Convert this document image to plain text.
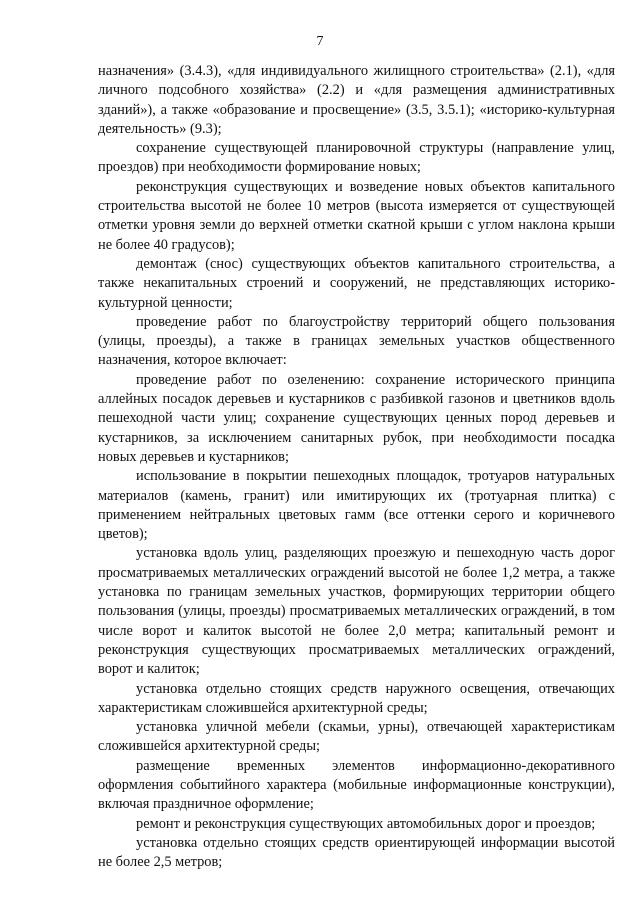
7

назначения» (3.4.3), «для индивидуального жилищного строительства» (2.1), «для личного подсобного хозяйства» (2.2) и «для размещения административных зданий»), а также «образование и просвещение» (3.5, 3.5.1); «историко-культурная деятельность» (9.3);

сохранение существующей планировочной структуры (направление улиц, проездов) при необходимости формирование новых;

реконструкция существующих и возведение новых объектов капитального строительства высотой не более 10 метров (высота измеряется от существующей отметки уровня земли до верхней отметки скатной крыши с углом наклона крыши не более 40 градусов);

демонтаж (снос) существующих объектов капитального строительства, а также некапитальных строений и сооружений, не представляющих историко-культурной ценности;

проведение работ по благоустройству территорий общего пользования (улицы, проезды), а также в границах земельных участков общественного назначения, которое включает:

проведение работ по озеленению: сохранение исторического принципа аллейных посадок деревьев и кустарников с разбивкой газонов и цветников вдоль пешеходной части улиц; сохранение существующих ценных пород деревьев и кустарников, за исключением санитарных рубок, при необходимости посадка новых деревьев и кустарников;

использование в покрытии пешеходных площадок, тротуаров натуральных материалов (камень, гранит) или имитирующих их (тротуарная плитка) с применением нейтральных цветовых гамм (все оттенки серого и коричневого цветов);

установка вдоль улиц, разделяющих проезжую и пешеходную часть дорог просматриваемых металлических ограждений высотой не более 1,2 метра, а также установка по границам земельных участков, формирующих территории общего пользования (улицы, проезды) просматриваемых металлических ограждений, в том числе ворот и калиток высотой не более 2,0 метра; капитальный ремонт и реконструкция существующих просматриваемых металлических ограждений, ворот и калиток;

установка отдельно стоящих средств наружного освещения, отвечающих характеристикам сложившейся архитектурной среды;

установка уличной мебели (скамьи, урны), отвечающей характеристикам сложившейся архитектурной среды;

размещение временных элементов информационно-декоративного оформления событийного характера (мобильные информационные конструкции), включая праздничное оформление;

ремонт и реконструкция существующих автомобильных дорог и проездов;

установка отдельно стоящих средств ориентирующей информации высотой не более 2,5 метров;
